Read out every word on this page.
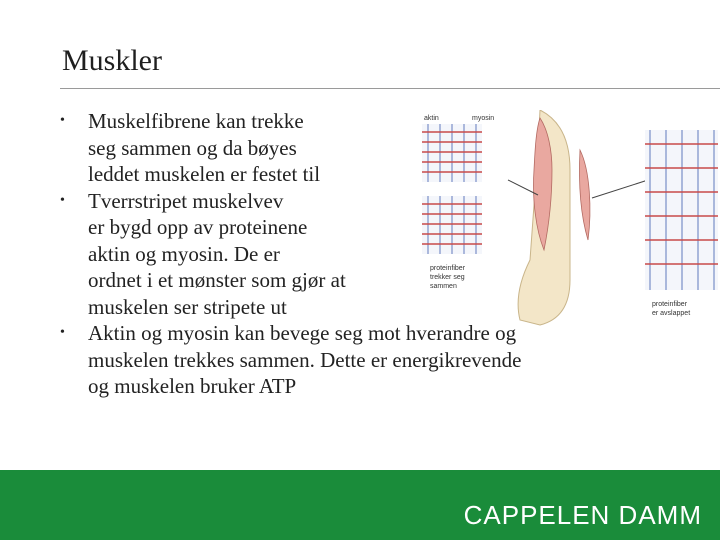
Muskler
• Muskelfibrene kan trekke
seg sammen og da bøyes
leddet muskelen er festet til
• Tverrstripet muskelvev
er bygd opp av proteinene
aktin og myosin. De er
ordnet i et mønster som gjør at
muskelen ser stripete ut
• Aktin og myosin kan bevege seg mot hverandre og
muskelen trekkes sammen. Dette er energikrevende
og muskelen bruker ATP
aktin	myosin
proteinfiber
trekker seg
sammen
proteinfiber
er avslappet
CAPPELEN DAMM
